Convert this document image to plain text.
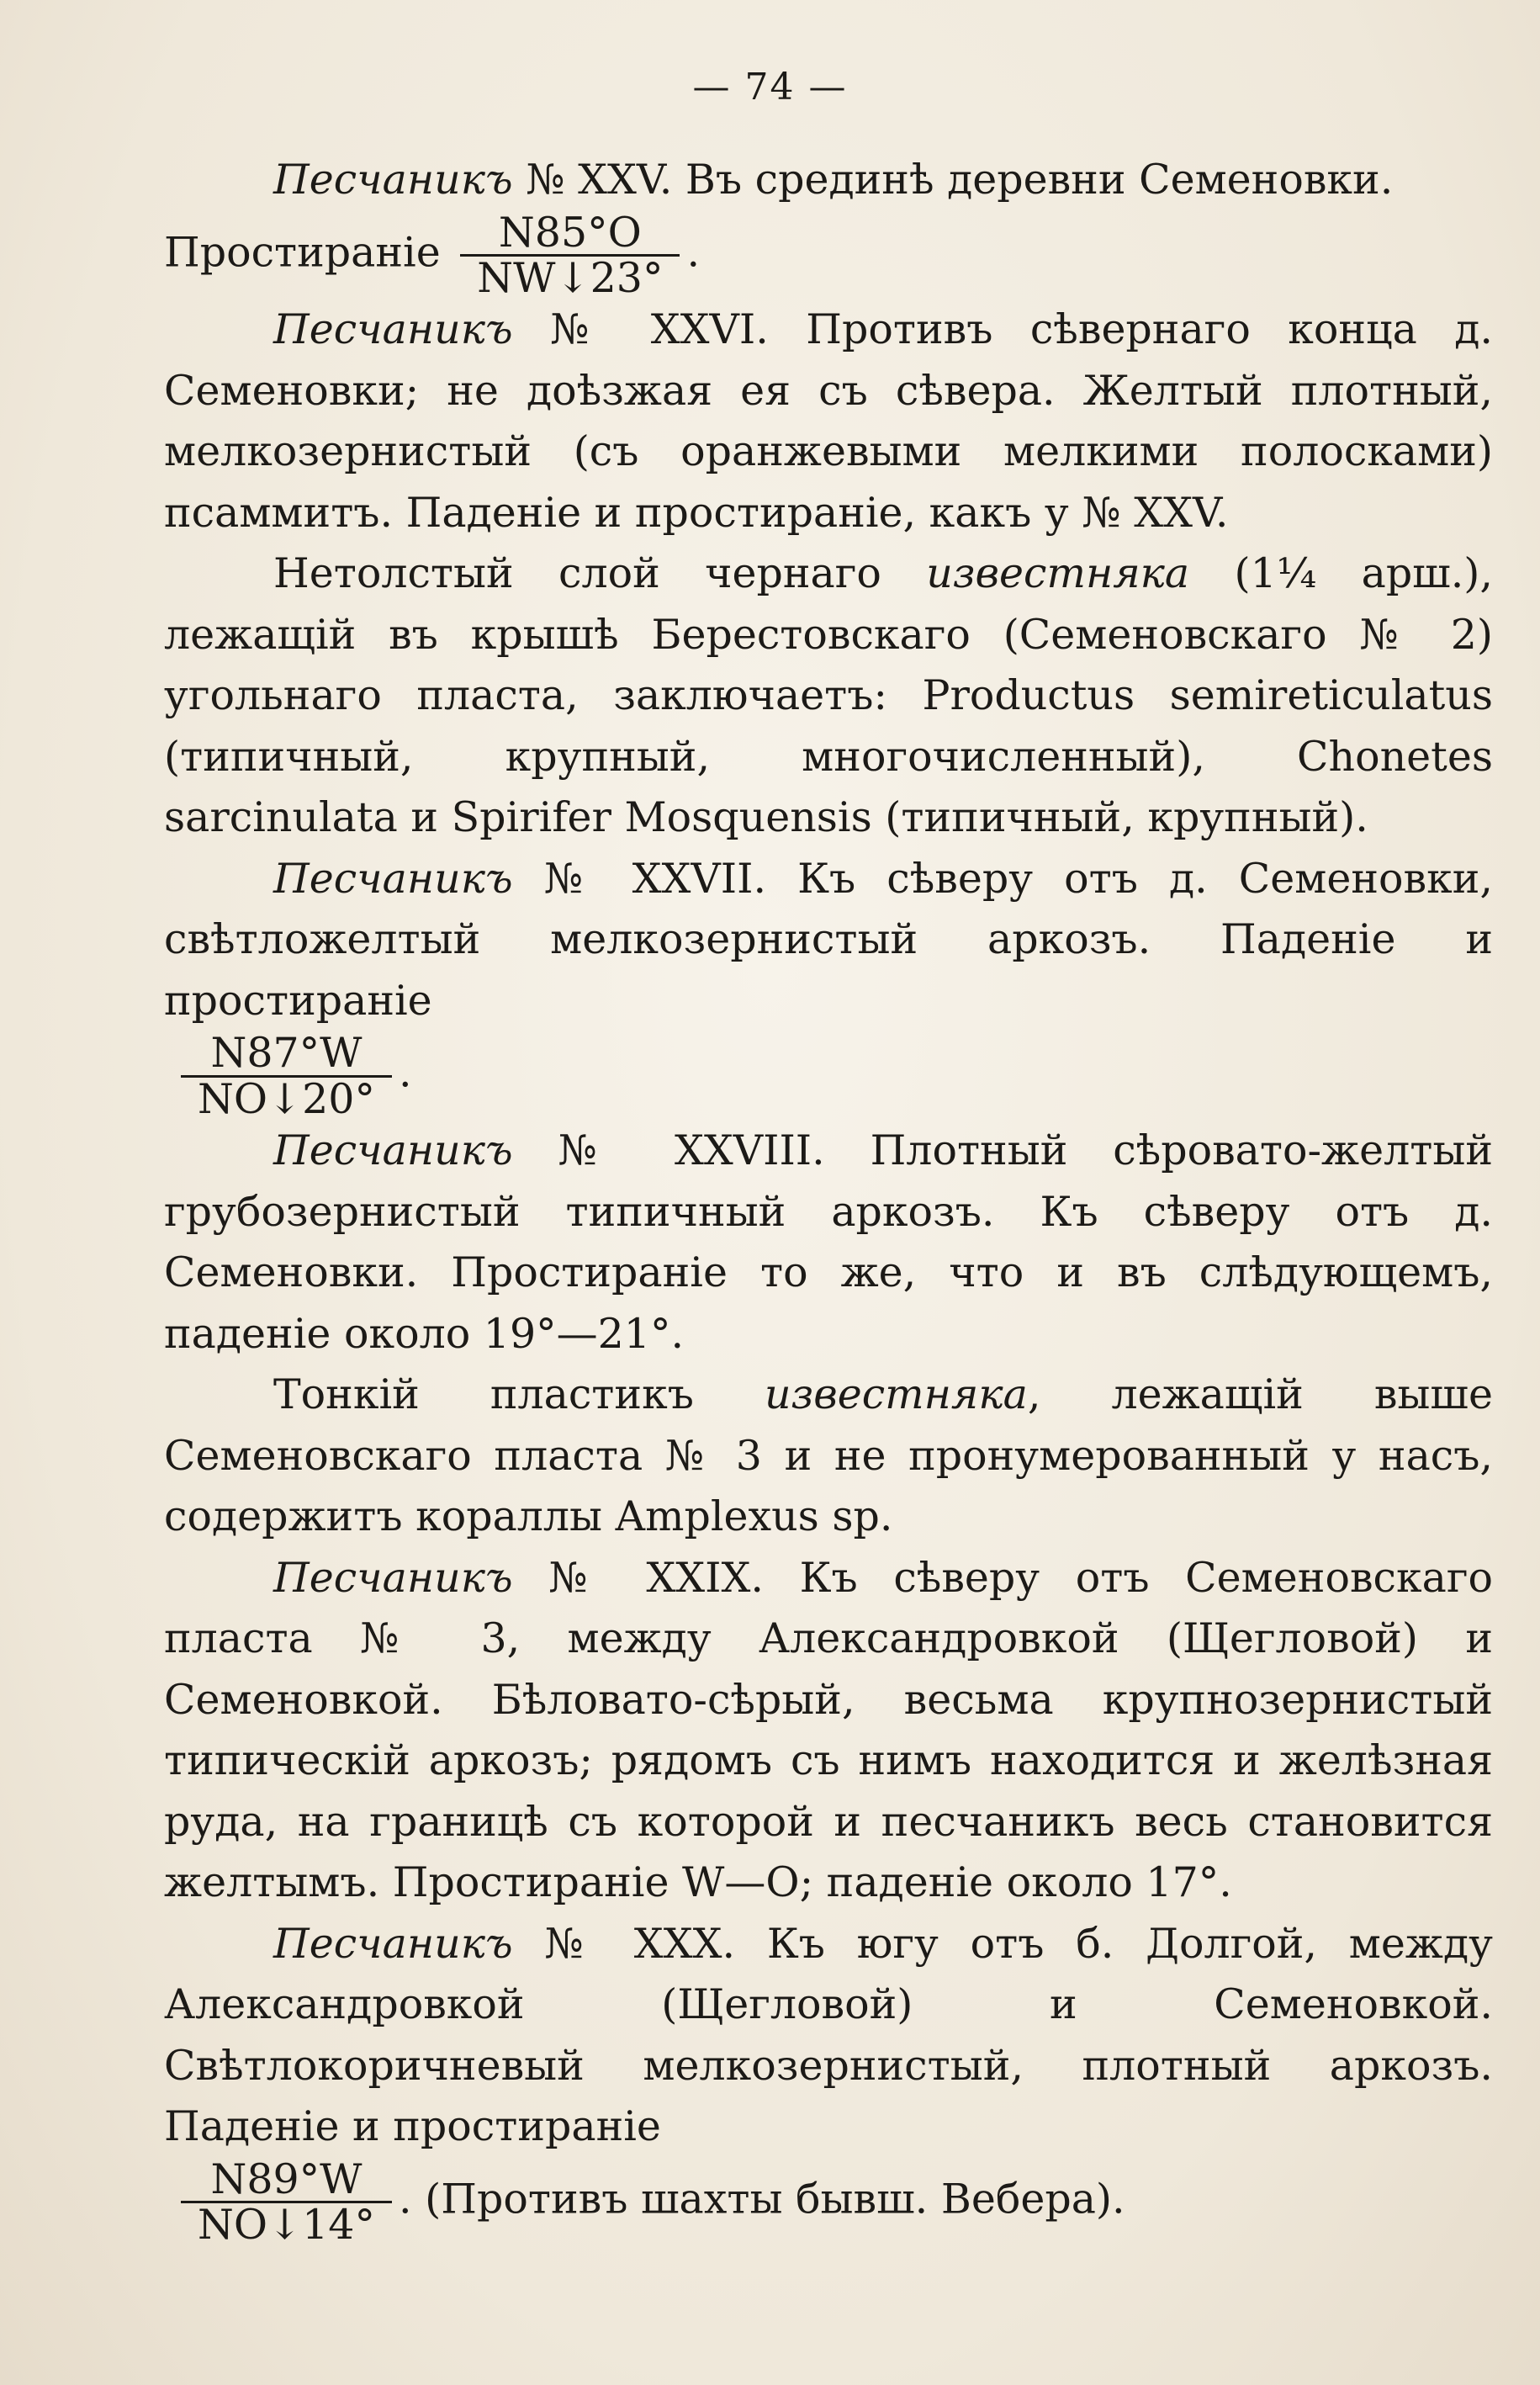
— 74 —

Песчаникъ № XXV. Въ срединѣ деревни Семеновки.

Простираніе $\frac{N85^\circ O}{NW↓23^\circ}$ .

Песчаникъ № XXVI. Противъ сѣвернаго конца д. Семеновки; не доѣзжая ея съ сѣвера. Желтый плотный, мелкозернистый (съ оранжевыми мелкими полосками) псаммитъ. Паденіе и простираніе, какъ у № XXV.

Нетолстый слой чернаго известняка (1¼ арш.), лежащій въ крышѣ Берестовскаго (Семеновскаго № 2) угольнаго пласта, заключаетъ: Productus semireticulatus (типичный, крупный, многочисленный), Chonetes sarcinulata и Spirifer Mosquensis (типичный, крупный).

Песчаникъ № XXVII. Къ сѣверу отъ д. Семеновки, свѣтложелтый мелкозернистый аркозъ. Паденіе и простираніе
$\frac{N87^\circ W}{NO↓20^\circ}$ .

Песчаникъ № XXVIII. Плотный сѣровато-желтый грубозернистый типичный аркозъ. Къ сѣверу отъ д. Семеновки. Простираніе то же, что и въ слѣдующемъ, паденіе около 19°—21°.

Тонкій пластикъ известняка, лежащій выше Семеновскаго пласта № 3 и не пронумерованный у насъ, содержитъ кораллы Amplexus sp.

Песчаникъ № XXIX. Къ сѣверу отъ Семеновскаго пласта № 3, между Александровкой (Щегловой) и Семеновкой. Бѣловато-сѣрый, весьма крупнозернистый типическій аркозъ; рядомъ съ нимъ находится и желѣзная руда, на границѣ съ которой и песчаникъ весь становится желтымъ. Простираніе W—O; паденіе около 17°.

Песчаникъ № XXX. Къ югу отъ б. Долгой, между Александровкой (Щегловой) и Семеновкой. Свѣтлокоричневый мелкозернистый, плотный аркозъ. Паденіе и простираніе
$\frac{N89^\circ W}{NO↓14^\circ}$ . (Противъ шахты бывш. Вебера).
